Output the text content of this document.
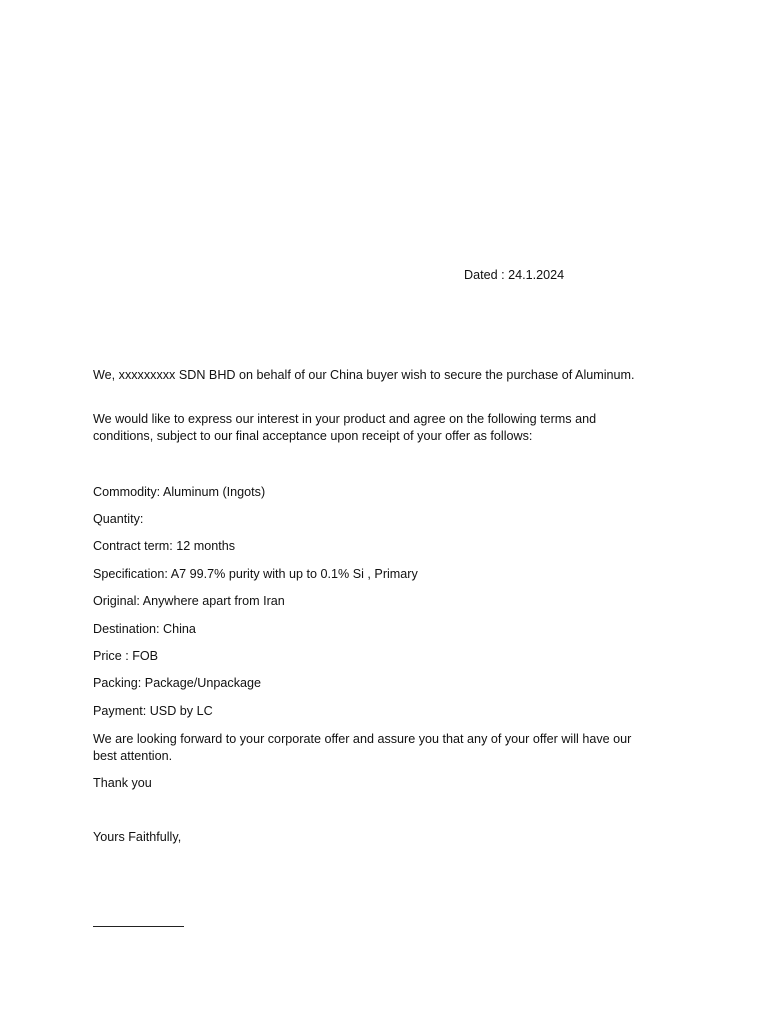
Dated : 24.1.2024

We, xxxxxxxxx SDN BHD on behalf of our China buyer wish to secure the purchase of Aluminum.

We would like to express our interest in your product and agree on the following terms and conditions, subject to our final acceptance upon receipt of your offer as follows:

Commodity: Aluminum (Ingots)

Quantity:

Contract term: 12 months

Specification: A7 99.7% purity with up to 0.1% Si , Primary

Original: Anywhere apart from Iran

Destination: China

Price : FOB

Packing: Package/Unpackage

Payment: USD by LC

We are looking forward to your corporate offer and assure you that any of your offer will have our best attention.

Thank you

Yours Faithfully,
